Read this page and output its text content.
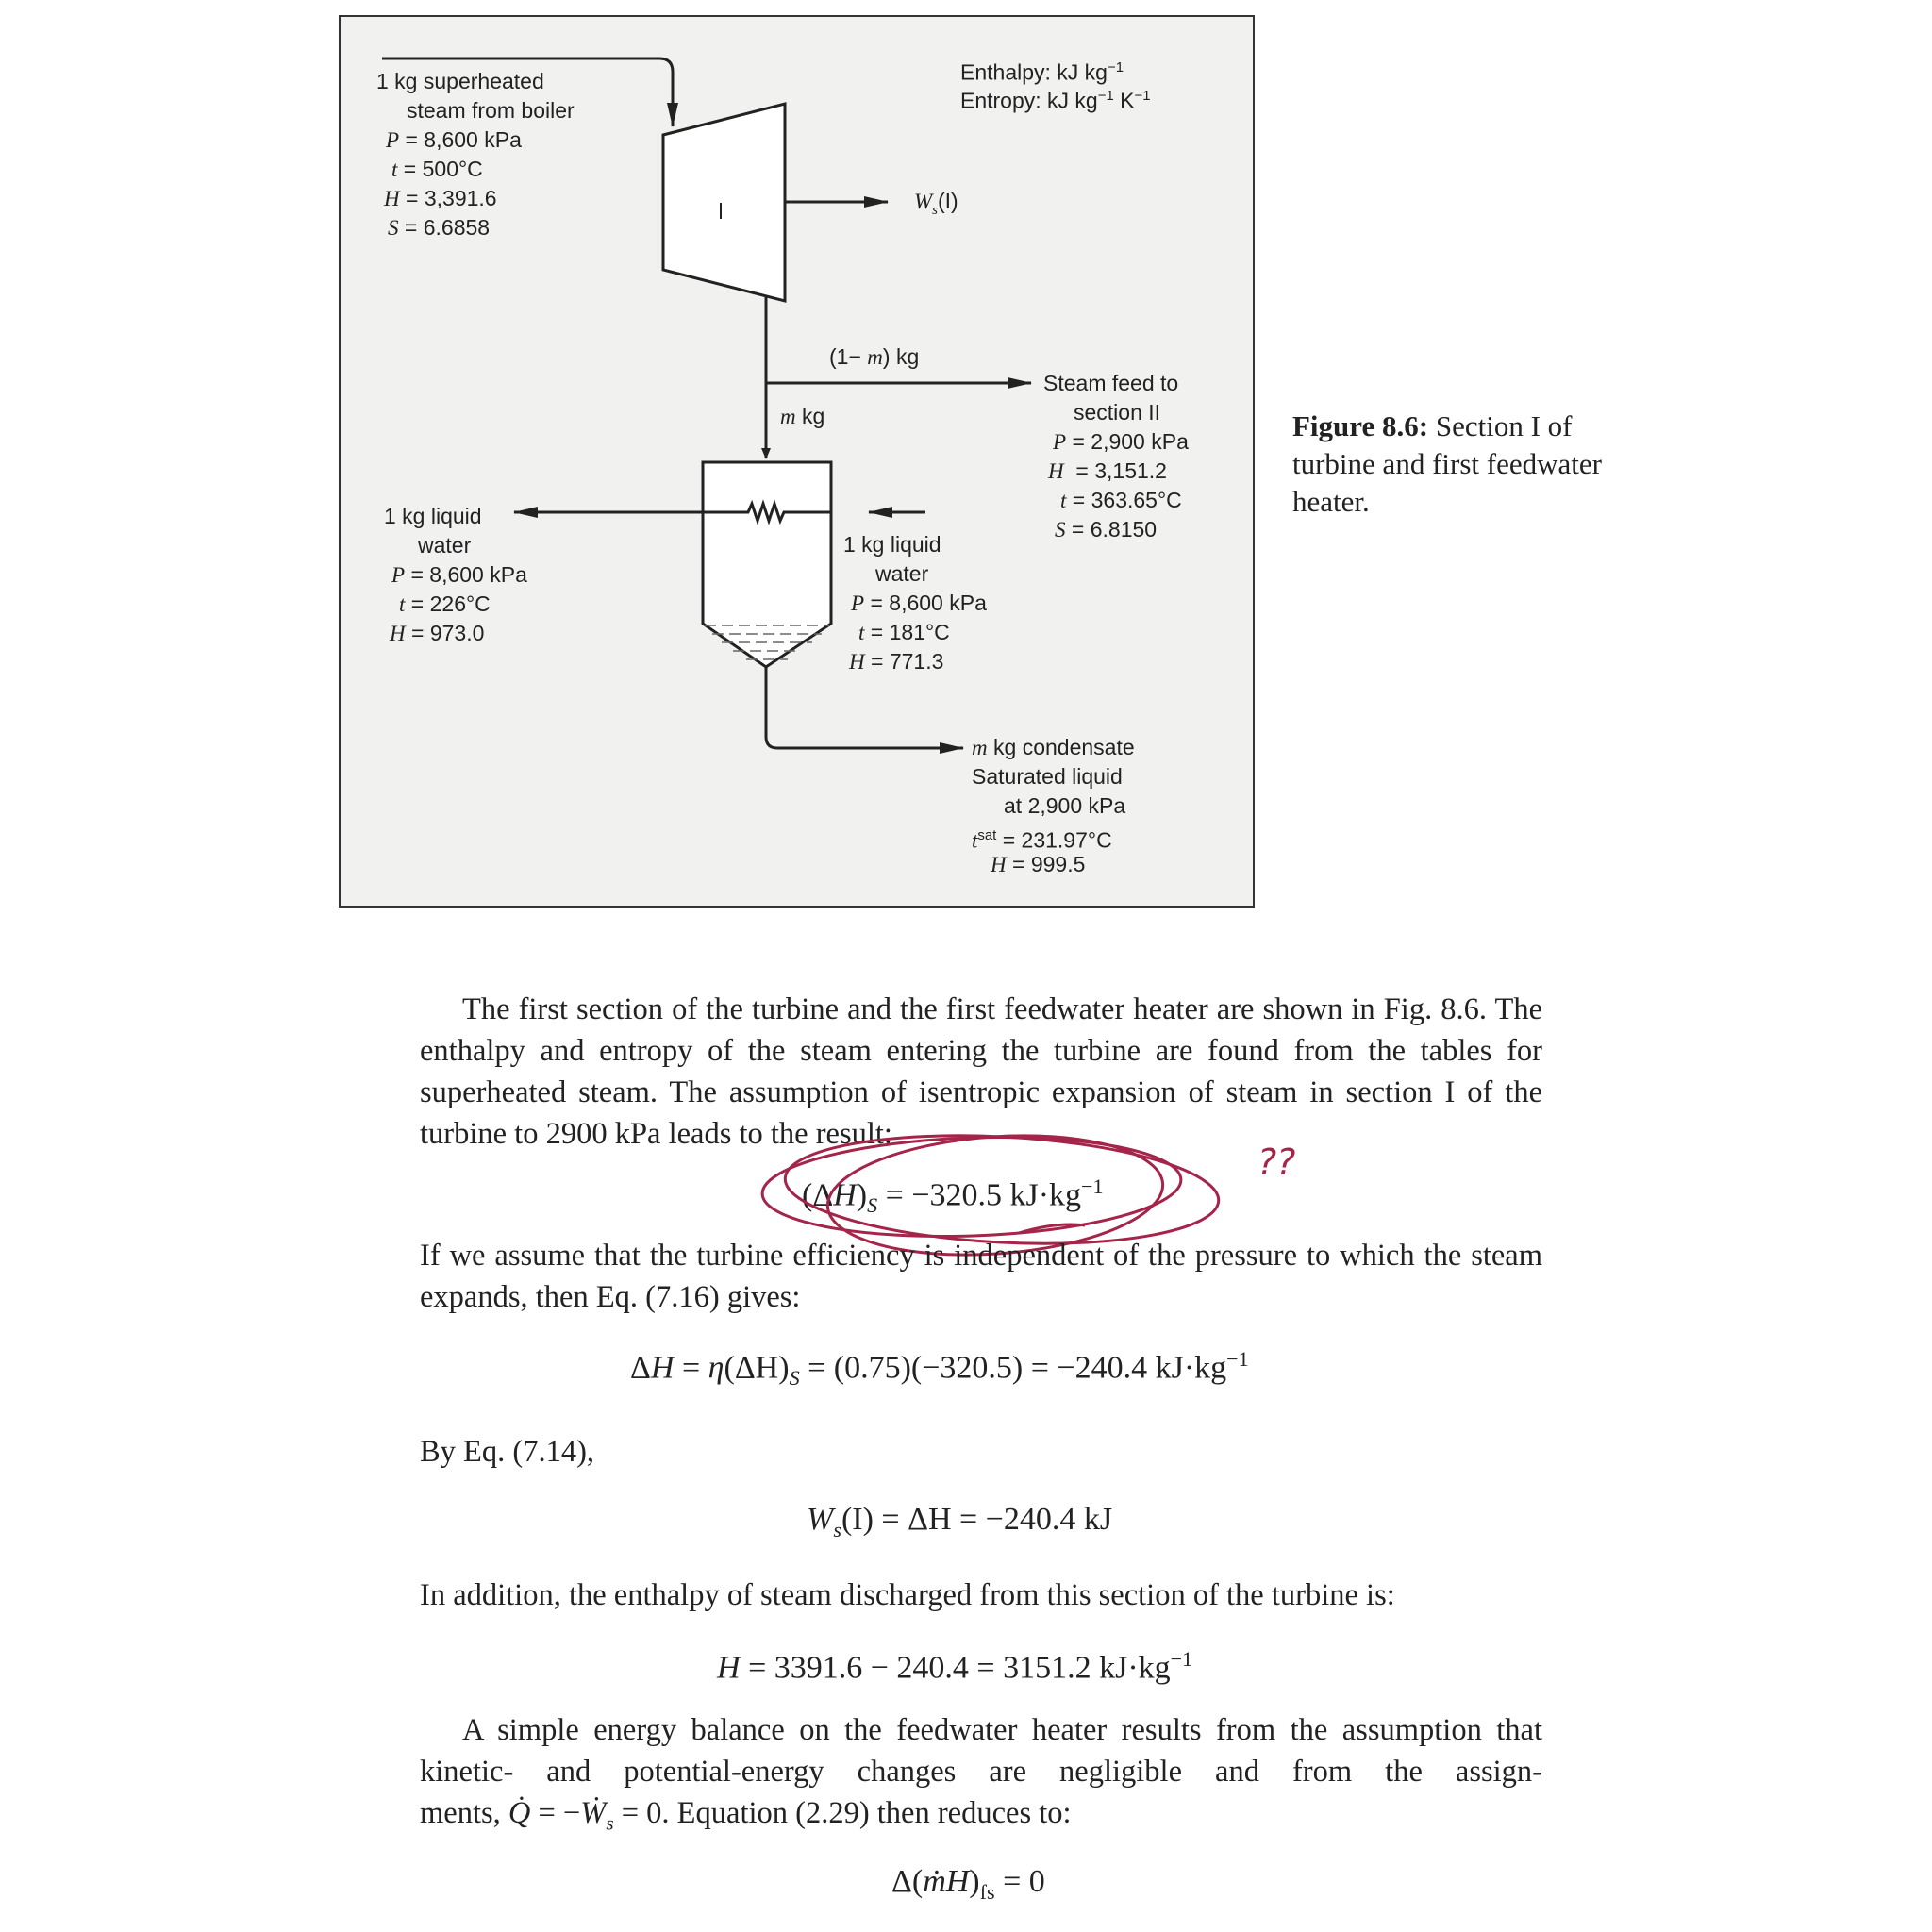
Enthalpy: kJ $kg^{-1}$
Entropy: kJ $kg^{-1}$ $K^{-1}$
$W_s(I)$
1 kg superheated
steam from boiler
P = 8,600 kPa
t = 500°C
H = 3,391.6
S = 6.6858
(1− m) kg
m kg
Steam feed to
section II
P = 2,900 kPa
H  = 3,151.2
t = 363.65°C
S = 6.8150
1 kg liquid
water
P = 8,600 kPa
t = 226°C
H = 973.0
1 kg liquid
water
P = 8,600 kPa
t = 181°C
H = 771.3
m kg condensate
Saturated liquid
at 2,900 kPa
$t^{sat} = 231.97^\circ C$
H = 999.5
Figure 8.6: Section I of turbine and first feedwater heater.
The first section of the turbine and the first feedwater heater are shown in Fig. 8.6. The enthalpy and entropy of the steam entering the turbine are found from the tables for superheated steam. The assumption of isentropic expansion of steam in section I of the turbine to 2900 kPa leads to the result:
$(\Delta H)_S = -320.5$ $kJ\cdot kg^{-1}$
??
If we assume that the turbine efficiency is independent of the pressure to which the steam expands, then Eq. (7.16) gives:
$\Delta H = \eta(\Delta H)_S = (0.75)(-320.5) = -240.4$ $kJ\cdot kg^{-1}$
By Eq. (7.14),
$W_s(I) = \Delta H = -240.4$ kJ
In addition, the enthalpy of steam discharged from this section of the turbine is:
H = 3391.6 − 240.4 = 3151.2 $kJ\cdot kg^{-1}$
A simple energy balance on the feedwater heater results from the assumption that kinetic- and potential-energy changes are negligible and from the assign-
ments, Q̇ = −Ẇ$_s$ = 0. Equation (2.29) then reduces to:
$\Delta(ṁH)_{fs} = 0$
